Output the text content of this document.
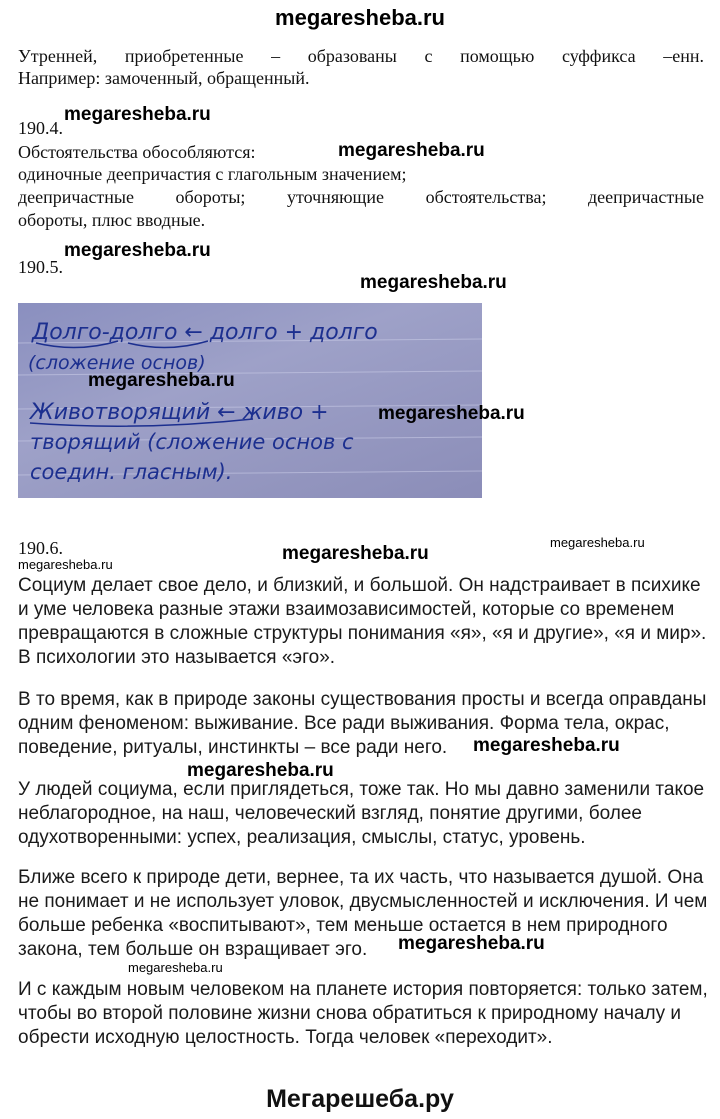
megaresheba.ru
Утренней, приобретенные – образованы с помощью суффикса –енн.
Например: замоченный, обращенный.
190.4.
megaresheba.ru
Обстоятельства обособляются:	megaresheba.ru
одиночные деепричастия с глагольным значением;
деепричастные обороты; уточняющие обстоятельства; деепричастные
обороты, плюс вводные.
megaresheba.ru
190.5.
megaresheba.ru
Долго-долго ← долго + долго
(сложение основ)
Животворящий ← живо +
творящий (сложение основ с
соедин. гласным).
megaresheba.ru
megaresheba.ru
190.6.	megaresheba.ru
megaresheba.ru
megaresheba.ru
Социум делает свое дело, и близкий, и большой. Он надстраивает в психике и уме человека разные этажи взаимозависимостей, которые со временем превращаются в сложные структуры понимания «я», «я и другие», «я и мир». В психологии это называется «эго».
В то время, как в природе законы существования просты и всегда оправданы одним феноменом: выживание. Все ради выживания. Форма тела, окрас, поведение, ритуалы, инстинкты – все ради него.	megaresheba.ru
megaresheba.ru
У людей социума, если приглядеться, тоже так. Но мы давно заменили такое неблагородное, на наш, человеческий взгляд, понятие другими, более одухотворенными: успех, реализация, смыслы, статус, уровень.
Ближе всего к природе дети, вернее, та их часть, что называется душой. Она не понимает и не использует уловок, двусмысленностей и исключения. И чем больше ребенка «воспитывают», тем меньше остается в нем природного закона, тем больше он взращивает эго.	megaresheba.ru
megaresheba.ru
И с каждым новым человеком на планете история повторяется: только затем, чтобы во второй половине жизни снова обратиться к природному началу и обрести исходную целостность. Тогда человек «переходит».
Мегарешеба.ру
